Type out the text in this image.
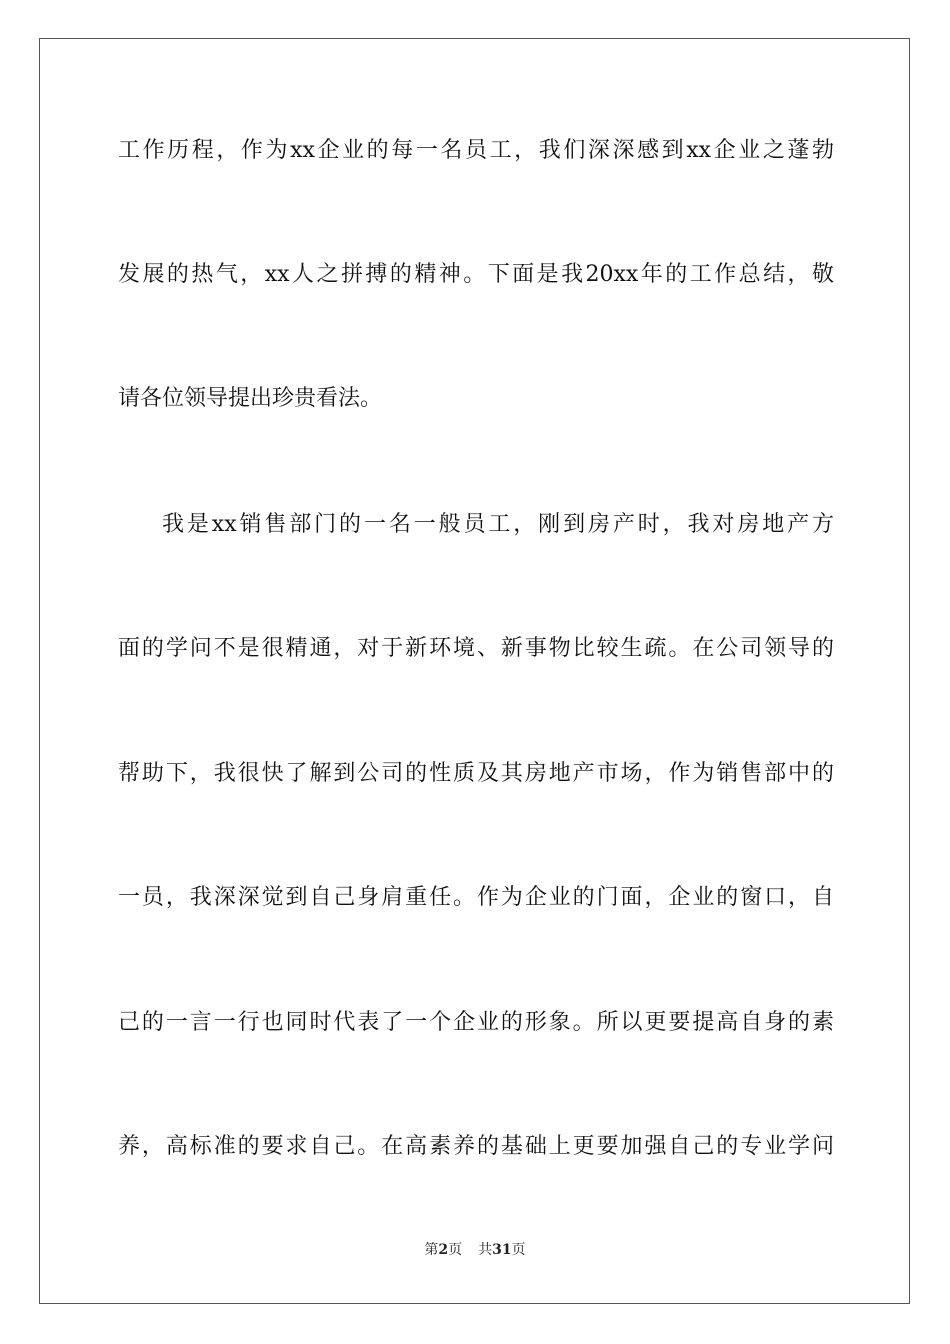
工作历程，作为xx企业的每一名员工，我们深深感到xx企业之蓬勃
发展的热气，xx人之拼搏的精神。下面是我20xx年的工作总结，敬
请各位领导提出珍贵看法。
我是xx销售部门的一名一般员工，刚到房产时，我对房地产方
面的学问不是很精通，对于新环境、新事物比较生疏。在公司领导的
帮助下，我很快了解到公司的性质及其房地产市场，作为销售部中的
一员，我深深觉到自己身肩重任。作为企业的门面，企业的窗口，自
己的一言一行也同时代表了一个企业的形象。所以更要提高自身的素
养，高标准的要求自己。在高素养的基础上更要加强自己的专业学问
第2页 共31页
